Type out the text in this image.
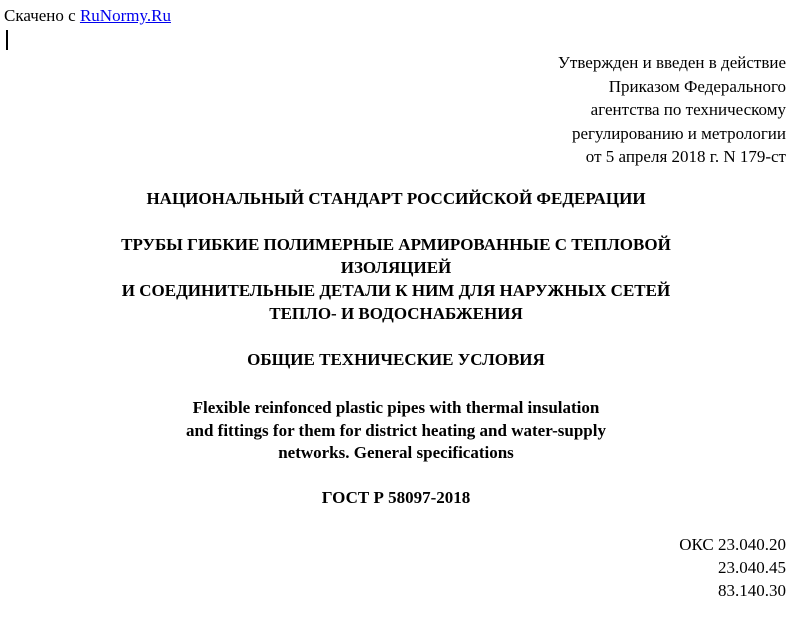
Скачено с RuNormy.Ru
Утвержден и введен в действие
Приказом Федерального
агентства по техническому
регулированию и метрологии
от 5 апреля 2018 г. N 179-ст
НАЦИОНАЛЬНЫЙ СТАНДАРТ РОССИЙСКОЙ ФЕДЕРАЦИИ
ТРУБЫ ГИБКИЕ ПОЛИМЕРНЫЕ АРМИРОВАННЫЕ С ТЕПЛОВОЙ
ИЗОЛЯЦИЕЙ
И СОЕДИНИТЕЛЬНЫЕ ДЕТАЛИ К НИМ ДЛЯ НАРУЖНЫХ СЕТЕЙ
ТЕПЛО- И ВОДОСНАБЖЕНИЯ
ОБЩИЕ ТЕХНИЧЕСКИЕ УСЛОВИЯ
Flexible reinfonced plastic pipes with thermal insulation
and fittings for them for district heating and water-supply
networks. General specifications
ГОСТ Р 58097-2018
ОКС 23.040.20
23.040.45
83.140.30
